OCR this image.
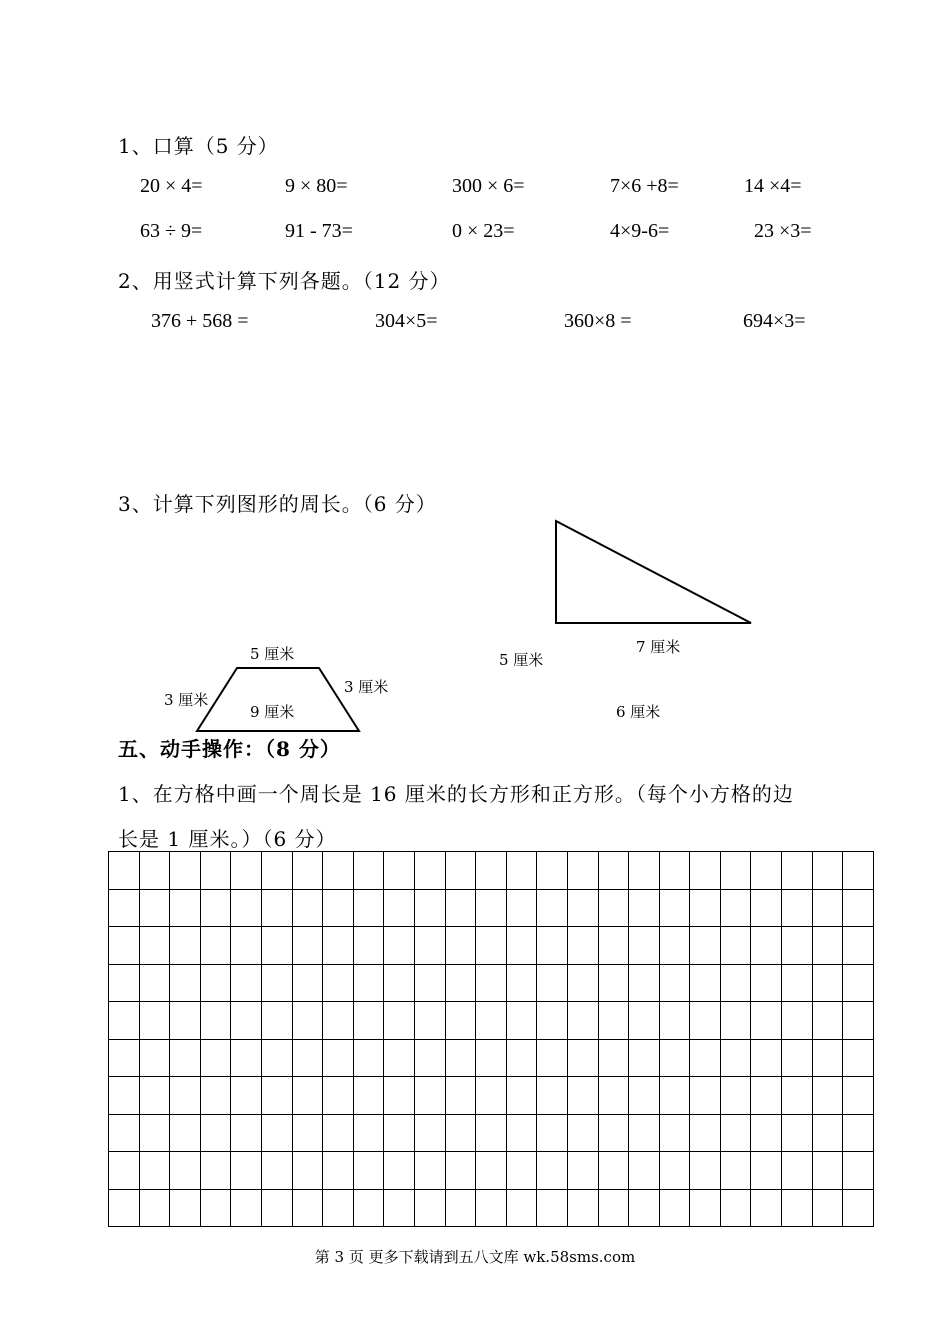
1、口算（5 分）
20 × 4=	9 × 80=	300 × 6=	7×6 +8=	14 ×4=
63 ÷ 9=	91 - 73=	0 × 23=	4×9-6=	23 ×3=
2、用竖式计算下列各题。（12 分）
376 + 568 =	304×5=	360×8 =	694×3=
3、计算下列图形的周长。（6 分）
5 厘米
3 厘米
3 厘米
9 厘米
5 厘米
7 厘米
6 厘米
五、动手操作：（8 分）
1、在方格中画一个周长是 16 厘米的长方形和正方形。（每个小方格的边
长是 1 厘米。）（6 分）

第 3 页 更多下载请到五八文库 wk.58sms.com
